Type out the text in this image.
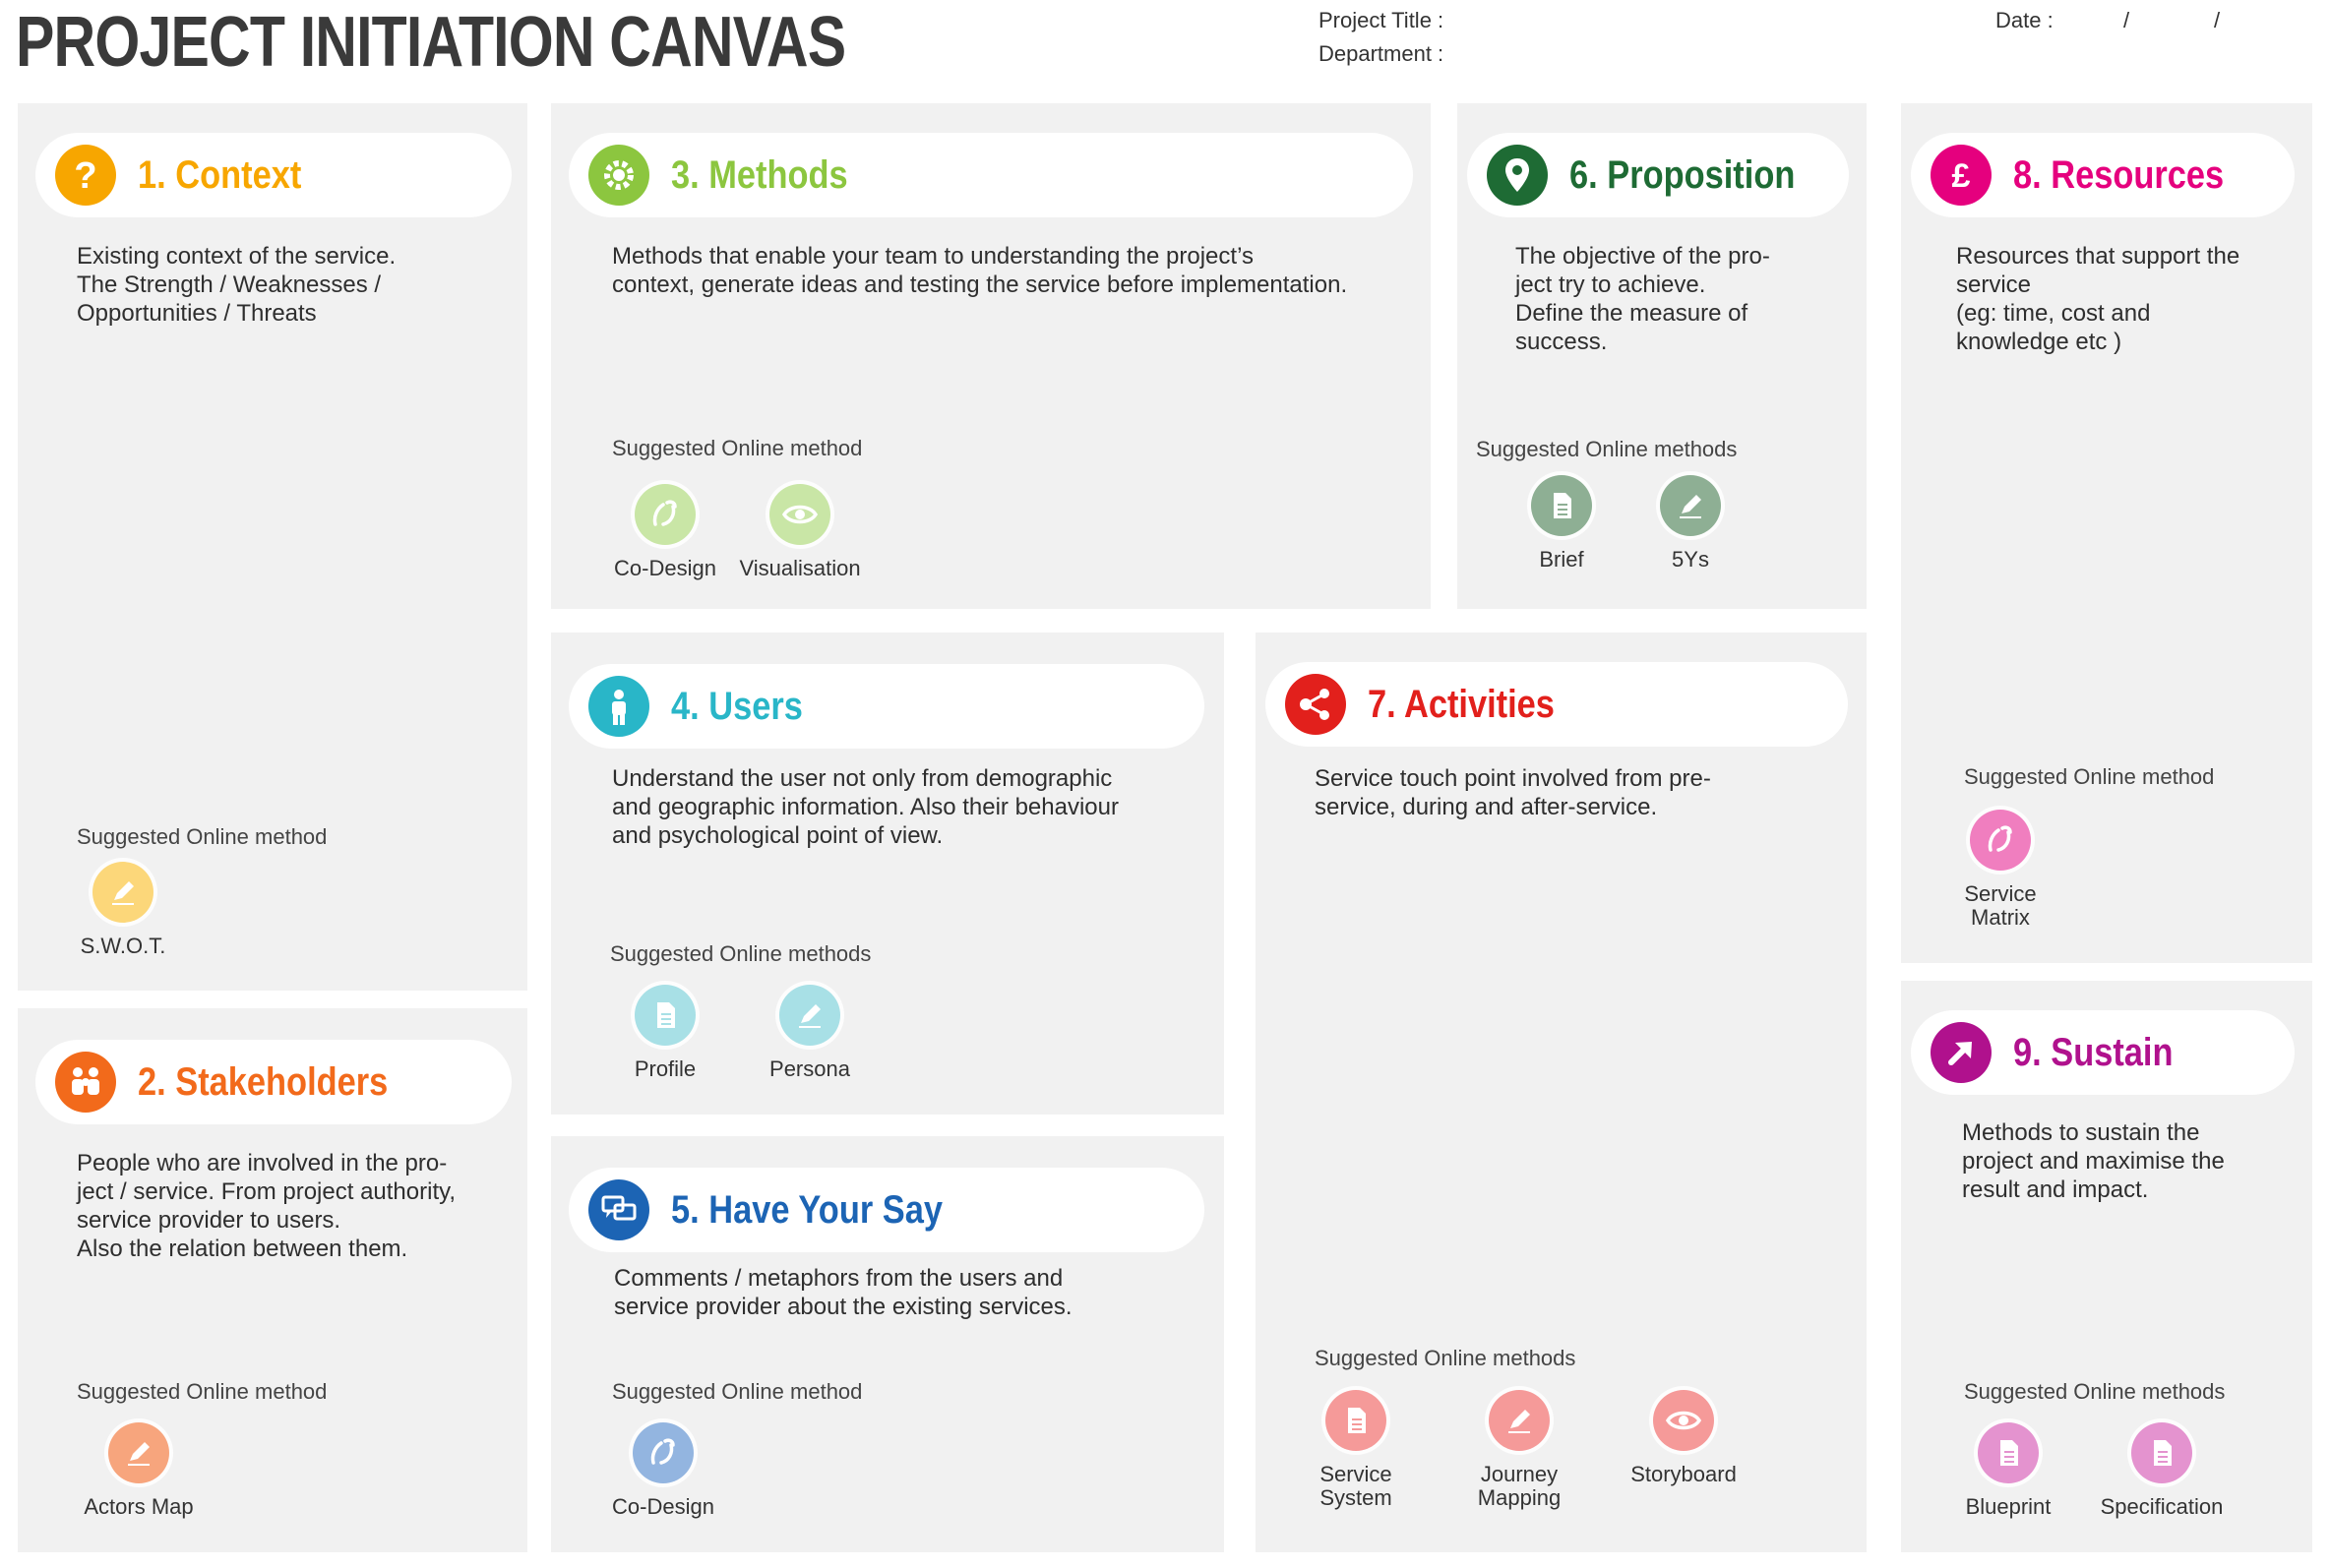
PROJECT INITIATION CANVAS	Project Title :
Department :
Date :	/	/
? 1. Context
Existing context of the service.
The Strength / Weaknesses /
Opportunities / Threats
Suggested Online method
S.W.O.T.
2. Stakeholders
People who are involved in the pro-
ject / service. From project authority,
service provider to users.
Also the relation between them.
Suggested Online method
Actors Map
3. Methods
Methods that enable your team to understanding the project’s
context, generate ideas and testing the service before implementation.
Suggested Online method
Co-Design	Visualisation
4. Users
Understand the user not only from demographic
and geographic information. Also their behaviour
and psychological point of view.
Suggested Online methods
Profile	Persona
5. Have Your Say
Comments / metaphors from the users and
service provider about the existing services.
Suggested Online method
Co-Design
6. Proposition
The objective of the pro-
ject try to achieve.
Define the measure of
success.
Suggested Online methods
Brief	5Ys
7. Activities
Service touch point involved from pre-
service, during and after-service.
Suggested Online methods
Service
System
Journey
Mapping
Storyboard
£ 8. Resources
Resources that support the
service
(eg: time, cost and
knowledge etc )
Suggested Online method
Service
Matrix
9. Sustain
Methods to sustain the
project and maximise the
result and impact.
Suggested Online methods
Blueprint	Specification
